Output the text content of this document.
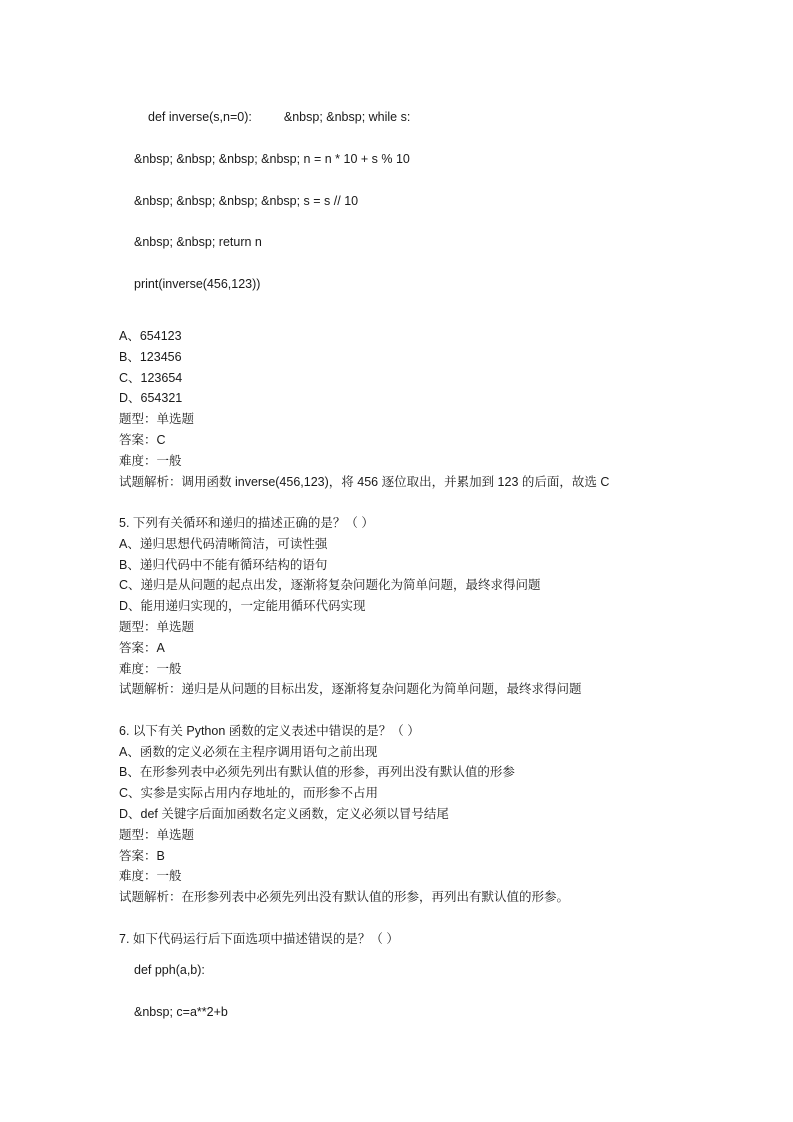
def inverse(s,n=0):	&nbsp; &nbsp; while s:
&nbsp; &nbsp; &nbsp; &nbsp; n = n * 10 + s % 10
&nbsp; &nbsp; &nbsp; &nbsp; s = s // 10
&nbsp; &nbsp; return n
print(inverse(456,123))
A、654123
B、123456
C、123654
D、654321
题型：单选题
答案：C
难度：一般
试题解析：调用函数 inverse(456,123)，将 456 逐位取出，并累加到 123 的后面，故选 C
5. 下列有关循环和递归的描述正确的是？（ ）
A、递归思想代码清晰简洁，可读性强
B、递归代码中不能有循环结构的语句
C、递归是从问题的起点出发，逐渐将复杂问题化为简单问题，最终求得问题
D、能用递归实现的，一定能用循环代码实现
题型：单选题
答案：A
难度：一般
试题解析：递归是从问题的目标出发，逐渐将复杂问题化为简单问题，最终求得问题
6. 以下有关 Python 函数的定义表述中错误的是？（ ）
A、函数的定义必须在主程序调用语句之前出现
B、在形参列表中必须先列出有默认值的形参，再列出没有默认值的形参
C、实参是实际占用内存地址的，而形参不占用
D、def 关键字后面加函数名定义函数，定义必须以冒号结尾
题型：单选题
答案：B
难度：一般
试题解析：在形参列表中必须先列出没有默认值的形参，再列出有默认值的形参。
7. 如下代码运行后下面选项中描述错误的是？（ ）
def pph(a,b):
&nbsp; c=a**2+b
